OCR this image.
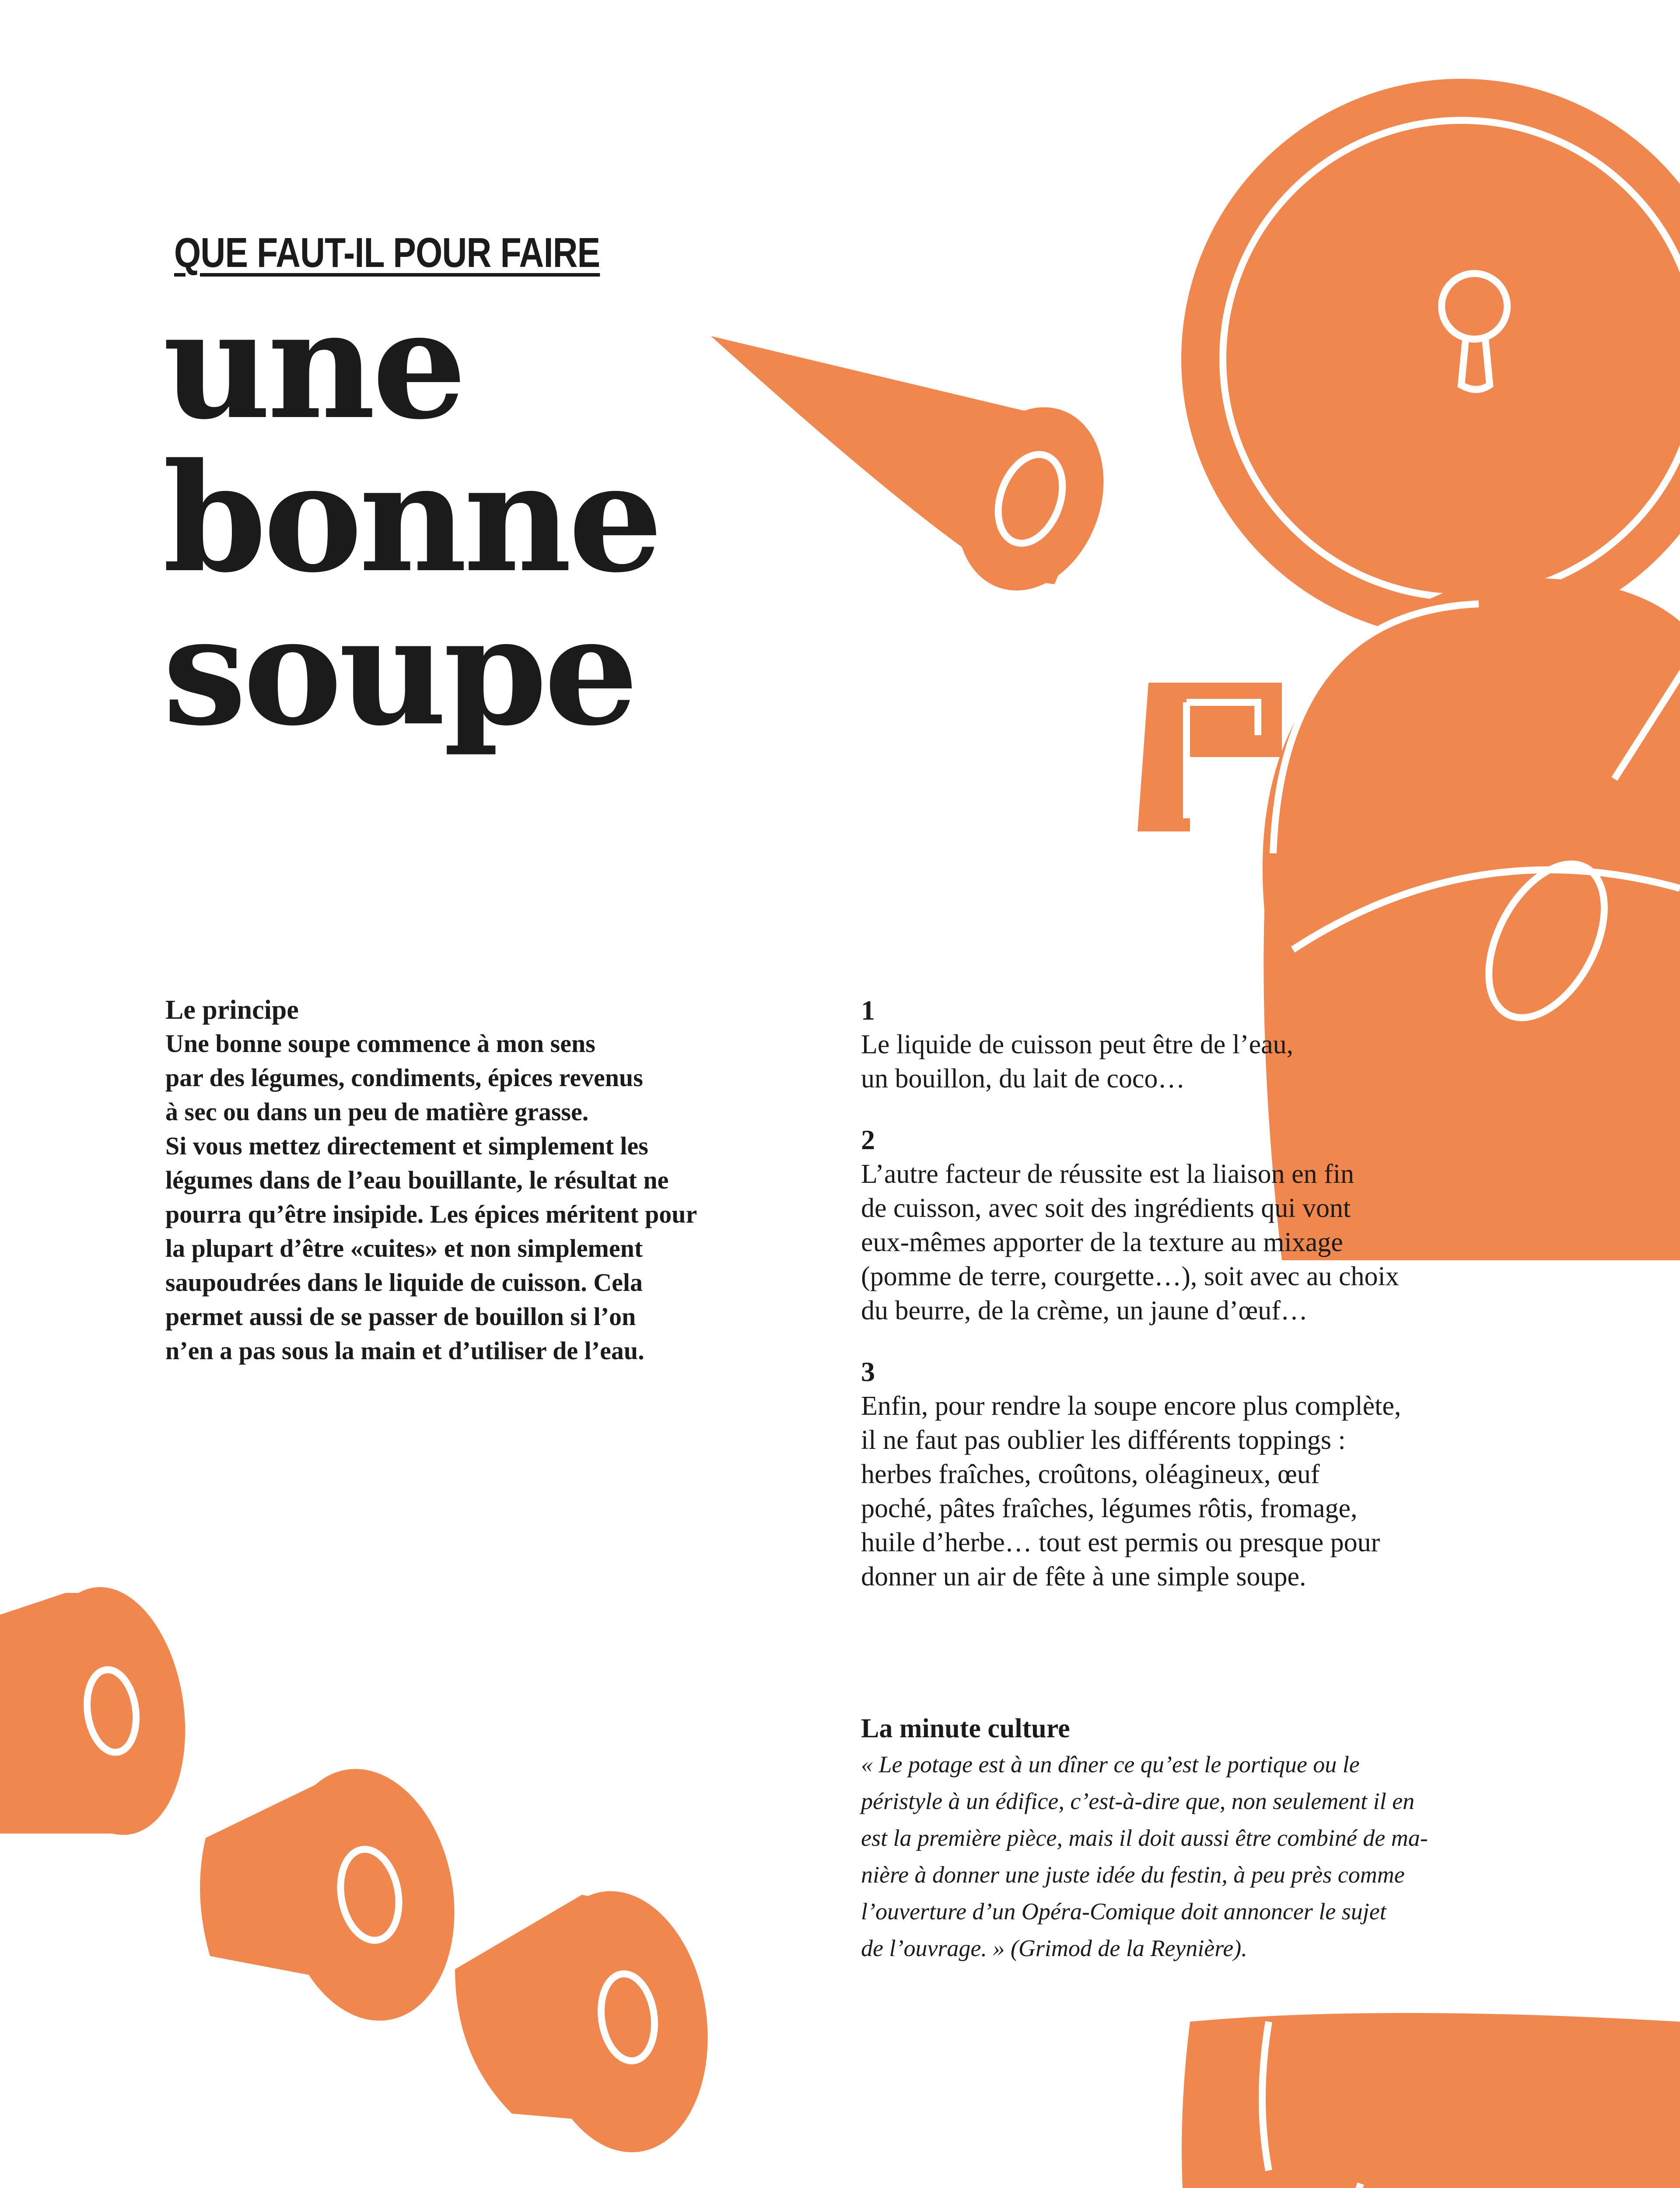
QUE FAUT-IL POUR FAIRE

une
bonne
soupe
Le principe

Une bonne soupe commence à mon sens
par des légumes, condiments, épices revenus
à sec ou dans un peu de matière grasse.
Si vous mettez directement et simplement les
légumes dans de l’eau bouillante, le résultat ne
pourra qu’être insipide. Les épices méritent pour
la plupart d’être «cuites» et non simplement
saupoudrées dans le liquide de cuisson. Cela
permet aussi de se passer de bouillon si l’on
n’en a pas sous la main et d’utiliser de l’eau.

1

Le liquide de cuisson peut être de l’eau,
un bouillon, du lait de coco…

2

L’autre facteur de réussite est la liaison en fin
de cuisson, avec soit des ingrédients qui vont
eux-mêmes apporter de la texture au mixage
(pomme de terre, courgette…), soit avec au choix
du beurre, de la crème, un jaune d’œuf…

3

Enfin, pour rendre la soupe encore plus complète,
il ne faut pas oublier les différents toppings :
herbes fraîches, croûtons, oléagineux, œuf
poché, pâtes fraîches, légumes rôtis, fromage,
huile d’herbe… tout est permis ou presque pour
donner un air de fête à une simple soupe.

La minute culture

« Le potage est à un dîner ce qu’est le portique ou le
péristyle à un édifice, c’est-à-dire que, non seulement il en
est la première pièce, mais il doit aussi être combiné de ma-
nière à donner une juste idée du festin, à peu près comme
l’ouverture d’un Opéra-Comique doit annoncer le sujet
de l’ouvrage. » (Grimod de la Reynière).
